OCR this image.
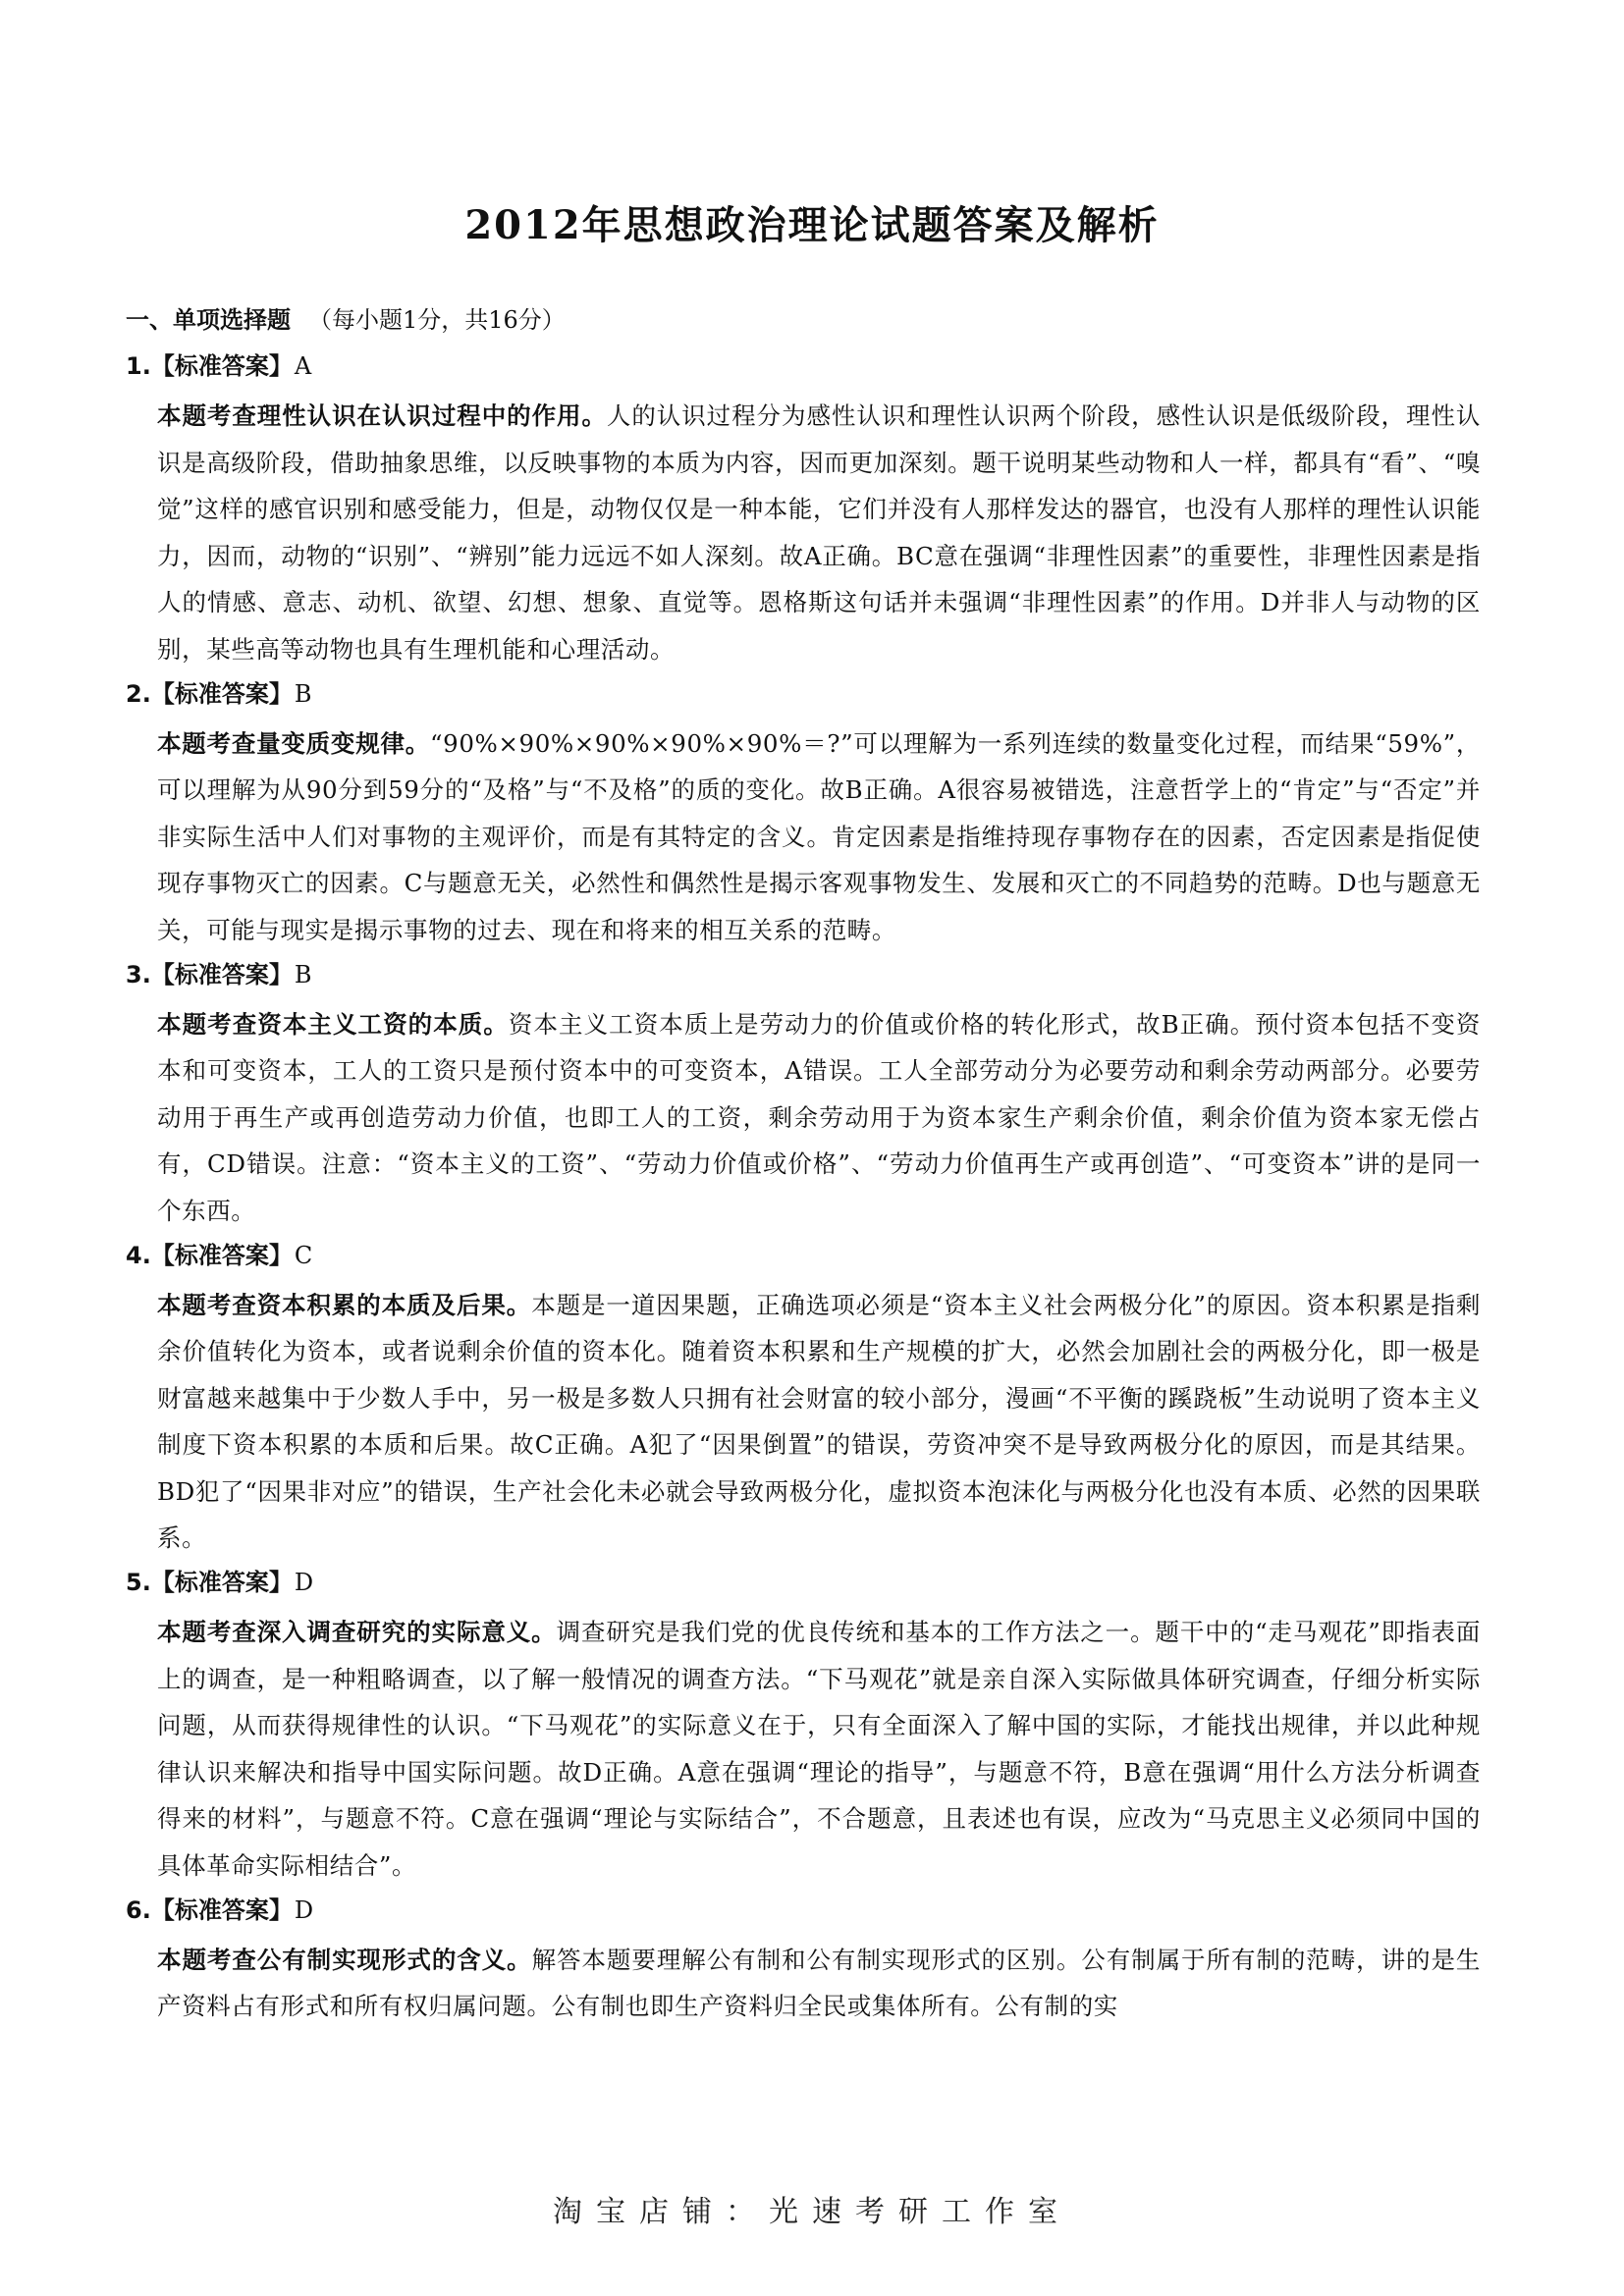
2012年思想政治理论试题答案及解析
一、单项选择题 （每小题1分，共16分）
1.【标准答案】A

本题考查理性认识在认识过程中的作用。人的认识过程分为感性认识和理性认识两个阶段，感性认识是低级阶段，理性认识是高级阶段，借助抽象思维，以反映事物的本质为内容，因而更加深刻。题干说明某些动物和人一样，都具有“看”、“嗅觉”这样的感官识别和感受能力，但是，动物仅仅是一种本能，它们并没有人那样发达的器官，也没有人那样的理性认识能力，因而，动物的“识别”、“辨别”能力远远不如人深刻。故A正确。BC意在强调“非理性因素”的重要性，非理性因素是指人的情感、意志、动机、欲望、幻想、想象、直觉等。恩格斯这句话并未强调“非理性因素”的作用。D并非人与动物的区别，某些高等动物也具有生理机能和心理活动。

2.【标准答案】B

本题考查量变质变规律。“90%×90%×90%×90%×90%＝?”可以理解为一系列连续的数量变化过程，而结果“59%”，可以理解为从90分到59分的“及格”与“不及格”的质的变化。故B正确。A很容易被错选，注意哲学上的“肯定”与“否定”并非实际生活中人们对事物的主观评价，而是有其特定的含义。肯定因素是指维持现存事物存在的因素，否定因素是指促使现存事物灭亡的因素。C与题意无关，必然性和偶然性是揭示客观事物发生、发展和灭亡的不同趋势的范畴。D也与题意无关，可能与现实是揭示事物的过去、现在和将来的相互关系的范畴。

3.【标准答案】B

本题考查资本主义工资的本质。资本主义工资本质上是劳动力的价值或价格的转化形式，故B正确。预付资本包括不变资本和可变资本，工人的工资只是预付资本中的可变资本，A错误。工人全部劳动分为必要劳动和剩余劳动两部分。必要劳动用于再生产或再创造劳动力价值，也即工人的工资，剩余劳动用于为资本家生产剩余价值，剩余价值为资本家无偿占有，CD错误。注意：“资本主义的工资”、“劳动力价值或价格”、“劳动力价值再生产或再创造”、“可变资本”讲的是同一个东西。

4.【标准答案】C

本题考查资本积累的本质及后果。本题是一道因果题，正确选项必须是“资本主义社会两极分化”的原因。资本积累是指剩余价值转化为资本，或者说剩余价值的资本化。随着资本积累和生产规模的扩大，必然会加剧社会的两极分化，即一极是财富越来越集中于少数人手中，另一极是多数人只拥有社会财富的较小部分，漫画“不平衡的蹊跷板”生动说明了资本主义制度下资本积累的本质和后果。故C正确。A犯了“因果倒置”的错误，劳资冲突不是导致两极分化的原因，而是其结果。BD犯了“因果非对应”的错误，生产社会化未必就会导致两极分化，虚拟资本泡沫化与两极分化也没有本质、必然的因果联系。

5.【标准答案】D

本题考查深入调查研究的实际意义。调查研究是我们党的优良传统和基本的工作方法之一。题干中的“走马观花”即指表面上的调查，是一种粗略调查，以了解一般情况的调查方法。“下马观花”就是亲自深入实际做具体研究调查，仔细分析实际问题，从而获得规律性的认识。“下马观花”的实际意义在于，只有全面深入了解中国的实际，才能找出规律，并以此种规律认识来解决和指导中国实际问题。故D正确。A意在强调“理论的指导”，与题意不符，B意在强调“用什么方法分析调查得来的材料”，与题意不符。C意在强调“理论与实际结合”，不合题意，且表述也有误，应改为“马克思主义必须同中国的具体革命实际相结合”。

6.【标准答案】D

本题考查公有制实现形式的含义。解答本题要理解公有制和公有制实现形式的区别。公有制属于所有制的范畴，讲的是生产资料占有形式和所有权归属问题。公有制也即生产资料归全民或集体所有。公有制的实

淘宝店铺：光速考研工作室
